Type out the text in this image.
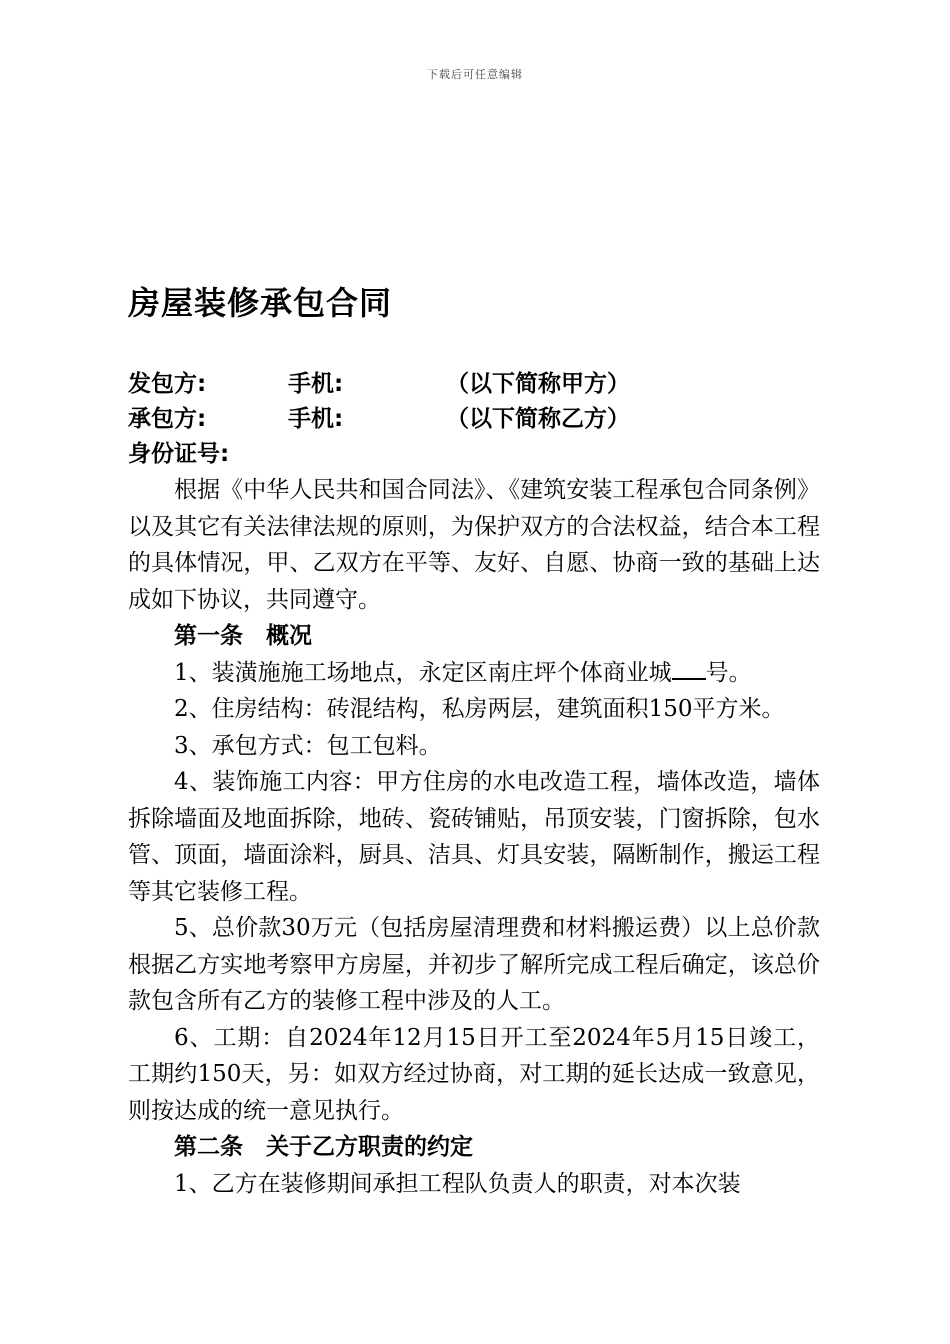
下载后可任意编辑
房屋装修承包合同
发包方:	手机:	（以下简称甲方）
承包方:	手机:	（以下简称乙方）
身份证号:

根据《中华人民共和国合同法》、《建筑安装工程承包合同条例》以及其它有关法律法规的原则，为保护双方的合法权益，结合本工程的具体情况，甲、乙双方在平等、友好、自愿、协商一致的基础上达成如下协议，共同遵守。

第一条　概况

1、装潢施施工场地点，永定区南庄坪个体商业城 号。

2、住房结构：砖混结构，私房两层，建筑面积150平方米。

3、承包方式：包工包料。

4、装饰施工内容：甲方住房的水电改造工程，墙体改造，墙体拆除墙面及地面拆除，地砖、瓷砖铺贴，吊顶安装，门窗拆除，包水管、顶面，墙面涂料，厨具、洁具、灯具安装，隔断制作，搬运工程等其它装修工程。

5、总价款30万元（包括房屋清理费和材料搬运费）以上总价款根据乙方实地考察甲方房屋，并初步了解所完成工程后确定，该总价款包含所有乙方的装修工程中涉及的人工。

6、工期：自2024年12月15日开工至2024年5月15日竣工，工期约150天，另：如双方经过协商，对工期的延长达成一致意见，则按达成的统一意见执行。

第二条　关于乙方职责的约定

1、乙方在装修期间承担工程队负责人的职责，对本次装
